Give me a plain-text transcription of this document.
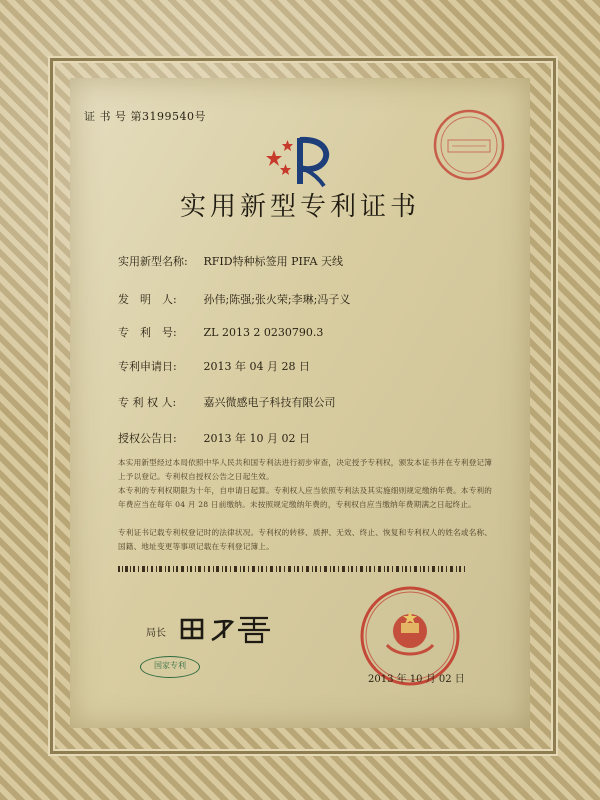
证 书 号 第3199540号
实用新型专利证书
实用新型名称: RFID特种标签用 PIFA 天线
发　明　人: 孙伟;陈强;张火荣;李琳;冯子义
专　利　号: ZL 2013 2 0230790.3
专利申请日: 2013 年 04 月 28 日
专 利 权 人: 嘉兴微感电子科技有限公司
授权公告日: 2013 年 10 月 02 日
本实用新型经过本局依照中华人民共和国专利法进行初步审查，决定授予专利权，颁发本证书并在专利登记簿上予以登记。专利权自授权公告之日起生效。
本专利的专利权期限为十年，自申请日起算。专利权人应当依照专利法及其实施细则规定缴纳年费。本专利的年费应当在每年 04 月 28 日前缴纳。未按照规定缴纳年费的，专利权自应当缴纳年费期满之日起终止。
专利证书记载专利权登记时的法律状况。专利权的转移、质押、无效、终止、恢复和专利权人的姓名或名称、国籍、地址变更等事项记载在专利登记簿上。
局长
2013 年 10 月 02 日
国家专利
